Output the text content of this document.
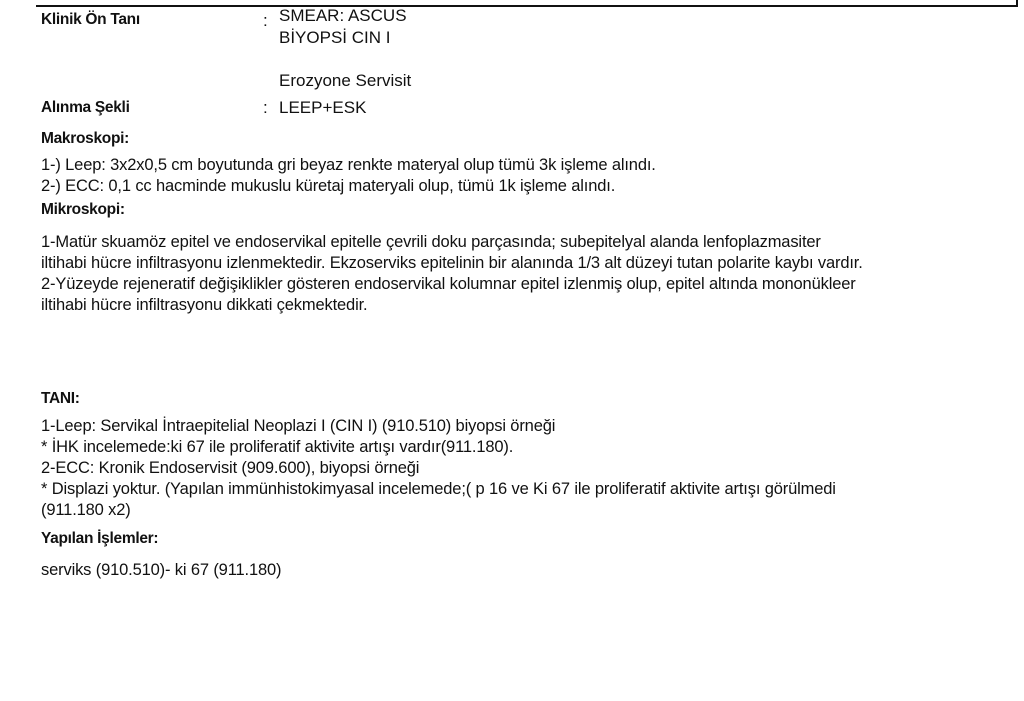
Klinik Ön Tanı	: SMEAR: ASCUS
BİYOPSİ CIN I
Erozyone Servisit
Alınma Şekli	: LEEP+ESK
Makroskopi:
1-) Leep: 3x2x0,5 cm boyutunda gri beyaz renkte materyal olup tümü 3k işleme alındı.
2-) ECC: 0,1 cc hacminde mukuslu küretaj materyali olup, tümü 1k işleme alındı.
Mikroskopi:
1-Matür skuamöz epitel ve endoservikal epitelle çevrili doku parçasında; subepitelyal alanda lenfoplazmasiter
iltihabi hücre infiltrasyonu izlenmektedir. Ekzoserviks epitelinin bir alanında 1/3 alt düzeyi tutan polarite kaybı vardır.
2-Yüzeyde rejeneratif değişiklikler gösteren endoservikal kolumnar epitel izlenmiş olup, epitel altında mononükleer
iltihabi hücre infiltrasyonu dikkati çekmektedir.
TANI:
1-Leep: Servikal İntraepitelial Neoplazi I (CIN I) (910.510) biyopsi örneği
* İHK incelemede:ki 67 ile proliferatif aktivite artışı vardır(911.180).
2-ECC: Kronik Endoservisit (909.600), biyopsi örneği
* Displazi yoktur. (Yapılan immünhistokimyasal incelemede;( p 16 ve Ki 67 ile proliferatif aktivite artışı görülmedi
(911.180 x2)
Yapılan İşlemler:
serviks (910.510)- ki 67 (911.180)
